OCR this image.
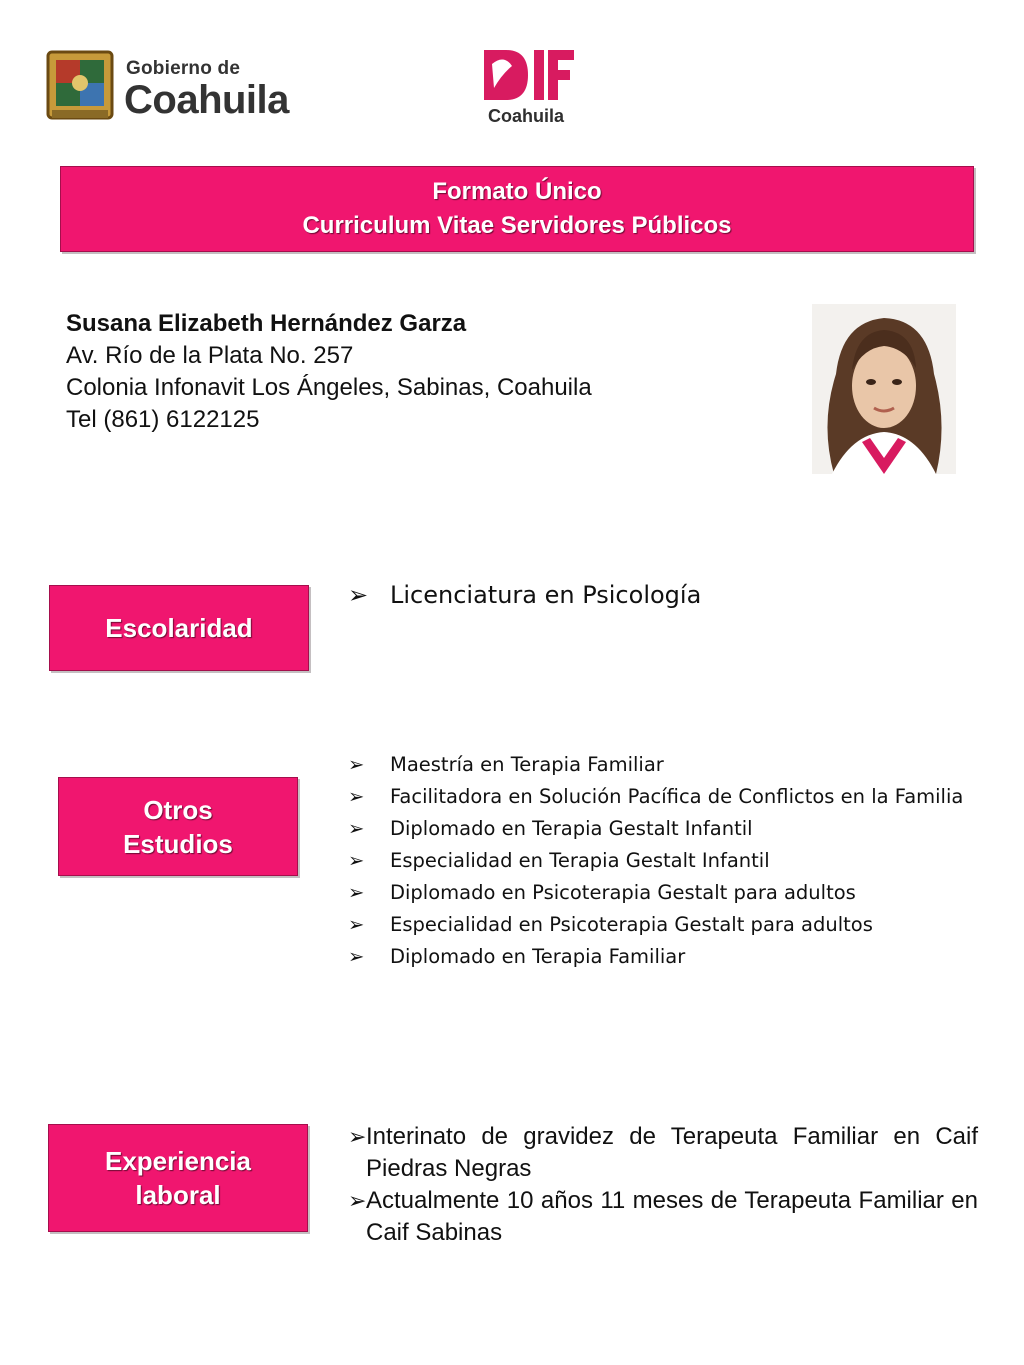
Gobierno de
Coahuila	Coahuila
Formato Único
Curriculum Vitae Servidores Públicos
Susana Elizabeth Hernández Garza
Av. Río de la Plata No. 257
Colonia Infonavit Los Ángeles, Sabinas, Coahuila
Tel (861) 6122125
Escolaridad
➢ Licenciatura en Psicología
Otros
Estudios
➢ Maestría en Terapia Familiar
➢ Facilitadora en Solución Pacífica de Conflictos en la Familia
➢ Diplomado en Terapia Gestalt Infantil
➢ Especialidad en Terapia Gestalt Infantil
➢ Diplomado en Psicoterapia Gestalt para adultos
➢ Especialidad en Psicoterapia Gestalt para adultos
➢ Diplomado en Terapia Familiar
Experiencia
laboral
➢ Interinato de gravidez de Terapeuta Familiar en Caif Piedras Negras
➢ Actualmente 10 años 11 meses de Terapeuta Familiar en Caif Sabinas
